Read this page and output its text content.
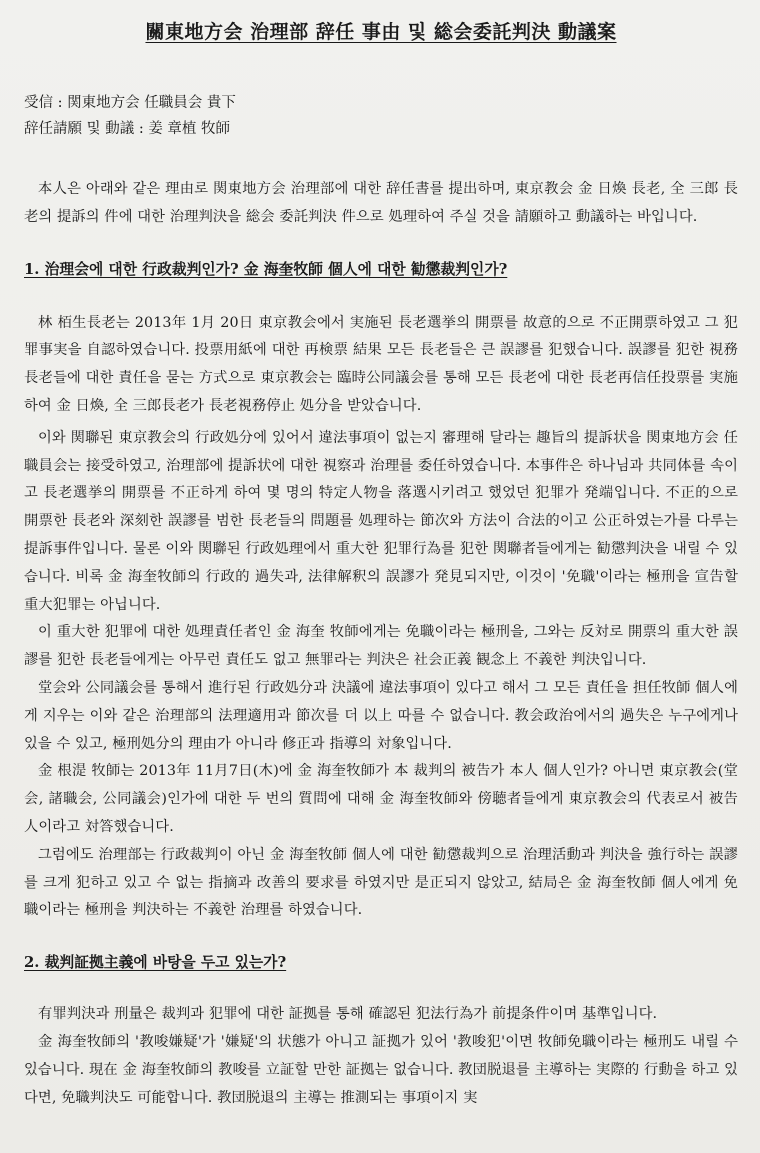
關東地方会 治理部 辞任 事由 및 総会委託判決 動議案

受信 : 関東地方会 任職員会 貴下

辞任請願 및 動議 : 姜 章植 牧師

本人은 아래와 같은 理由로 関東地方会 治理部에 대한 辞任書를 提出하며, 東京教会 金 日煥 長老, 全 三郎 長老의 提訴의 件에 대한 治理判決을 総会 委託判決 件으로 処理하여 주실 것을 請願하고 動議하는 바입니다.

1. 治理会에 대한 行政裁判인가? 金 海奎牧師 個人에 대한 勧懲裁判인가?

林 栢生長老는 2013年 1月 20日 東京教会에서 実施된 長老選挙의 開票를 故意的으로 不正開票하였고 그 犯罪事実을 自認하였습니다. 投票用紙에 대한 再検票 結果 모든 長老들은 큰 誤謬를 犯했습니다. 誤謬를 犯한 視務長老들에 대한 責任을 묻는 方式으로 東京教会는 臨時公同議会를 통해 모든 長老에 대한 長老再信任投票를 実施하여 金 日煥, 全 三郎長老가 長老視務停止 処分을 받았습니다.

이와 関聯된 東京教会의 行政処分에 있어서 違法事項이 없는지 審理해 달라는 趣旨의 提訴状을 関東地方会 任職員会는 接受하였고, 治理部에 提訴状에 대한 視察과 治理를 委任하였습니다. 本事件은 하나님과 共同体를 속이고 長老選挙의 開票를 不正하게 하여 몇 명의 特定人物을 落選시키려고 했었던 犯罪가 発端입니다. 不正的으로 開票한 長老와 深刻한 誤謬를 범한 長老들의 問題를 処理하는 節次와 方法이 合法的이고 公正하였는가를 다루는 提訴事件입니다. 물론 이와 関聯된 行政処理에서 重大한 犯罪行為를 犯한 関聯者들에게는 勧懲判決을 내릴 수 있습니다. 비록 金 海奎牧師의 行政的 過失과, 法律解釈의 誤謬가 発見되지만, 이것이 '免職'이라는 極刑을 宣告할 重大犯罪는 아닙니다.

이 重大한 犯罪에 대한 処理責任者인 金 海奎 牧師에게는 免職이라는 極刑을, 그와는 反対로 開票의 重大한 誤謬를 犯한 長老들에게는 아무런 責任도 없고 無罪라는 判決은 社会正義 観念上 不義한 判決입니다.

堂会와 公同議会를 통해서 進行된 行政処分과 決議에 違法事項이 있다고 해서 그 모든 責任을 担任牧師 個人에게 지우는 이와 같은 治理部의 法理適用과 節次를 더 以上 따를 수 없습니다. 教会政治에서의 過失은 누구에게나 있을 수 있고, 極刑処分의 理由가 아니라 修正과 指導의 対象입니다.

金 根湜 牧師는 2013年 11月7日(木)에 金 海奎牧師가 本 裁判의 被告가 本人 個人인가? 아니면 東京教会(堂会, 諸職会, 公同議会)인가에 대한 두 번의 質問에 대해 金 海奎牧師와 傍聴者들에게 東京教会의 代表로서 被告人이라고 対答했습니다.

그럼에도 治理部는 行政裁判이 아닌 金 海奎牧師 個人에 대한 勧懲裁判으로 治理活動과 判決을 強行하는 誤謬를 크게 犯하고 있고 수 없는 指摘과 改善의 要求를 하였지만 是正되지 않았고, 結局은 金 海奎牧師 個人에게 免職이라는 極刑을 判決하는 不義한 治理를 하였습니다.

2. 裁判証拠主義에 바탕을 두고 있는가?

有罪判決과 刑量은 裁判과 犯罪에 대한 証拠를 통해 確認된 犯法行為가 前提条件이며 基準입니다.

金 海奎牧師의 '教唆嫌疑'가 '嫌疑'의 状態가 아니고 証拠가 있어 '教唆犯'이면 牧師免職이라는 極刑도 내릴 수 있습니다. 現在 金 海奎牧師의 教唆를 立証할 만한 証拠는 없습니다. 教団脱退를 主導하는 実際的 行動을 하고 있다면, 免職判決도 可能합니다. 教団脱退의 主導는 推測되는 事項이지 実
